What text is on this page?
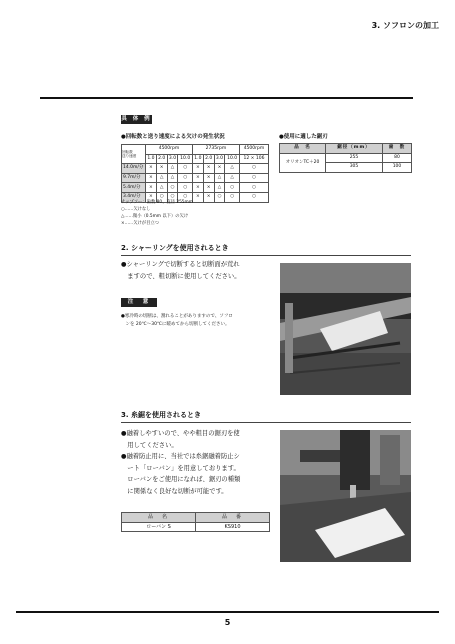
3. ソフロンの加工
具 体 例
●回転数と送り速度による欠けの発生状況	●使用に適した鋸刃
回転数
送り速度	4500rpm				2735rpm				4500rpm
	1.0	2.0	3.0	10.0	1.0	2.0	3.0	10.0	12 × 106
14.0m/分	×	×	△	○	×	×	×	△	○
9.7m/分	×	△	△	○	×	×	△	△	○
5.4m/分	×	△	○	○	×	×	△	○	○
3.4m/分	×	○	○	○	×	×	○	○	○
チップソー：歯数 80、直径 255mm
○……欠けなし
△……微小（0.5mm 以下）の欠け
×……欠けが目立つ
品　名	鋸径（mm）	歯　数
オリオンTC＋20	255	80
	305	100
2. シャーリングを使用されるとき
●シャーリングで切断すると切断面が荒れ
　ますので、粗切断に使用してください。
注　意
●寒冷時の切断は、割れることがありますので、ソフロ
　ンを 20℃〜30℃に暖めてから切断してください。
3. 糸鋸を使用されるとき
●融着しやすいので、やや粗目の鋸刃を使
　用してください。
●融着防止用に、当社では糸鋸融着防止シ
　ート「ローバン」を用意しております。
　ローバンをご使用になれば、鋸刃の種類
　に関係なく良好な切断が可能です。
品　名	品　番
ローバン S	KS910
5
